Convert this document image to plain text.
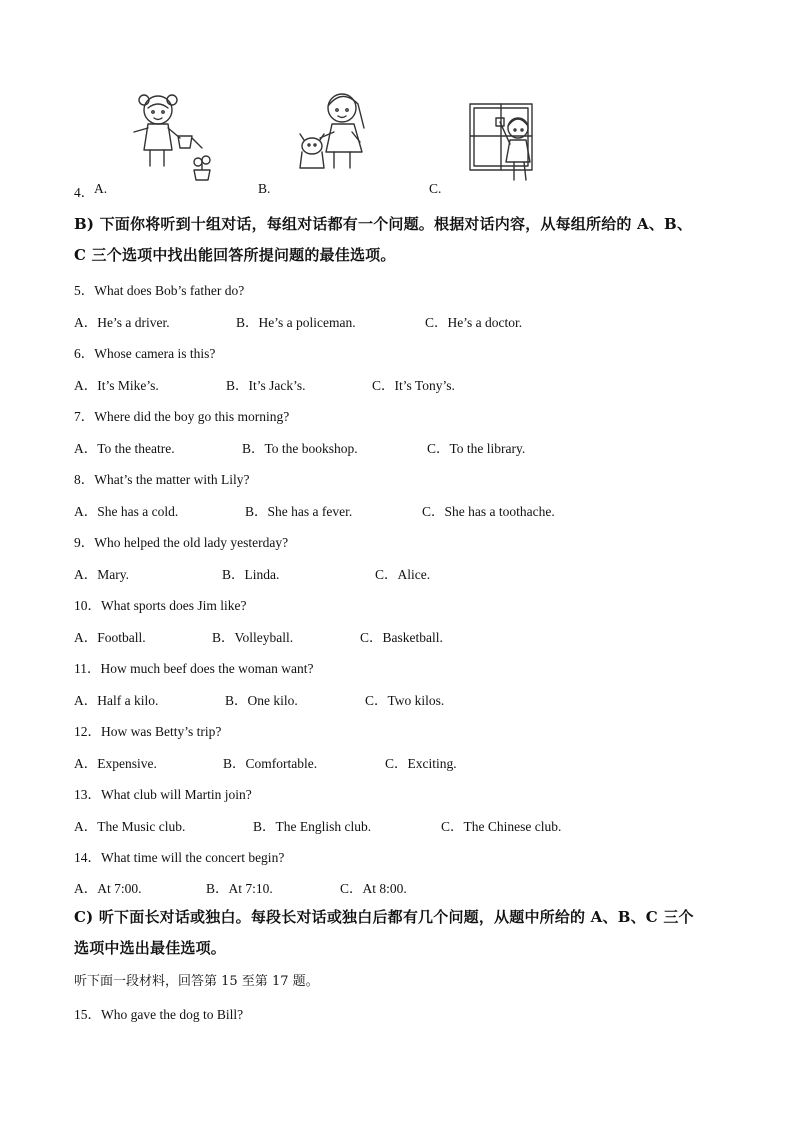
4． A.	B.	C.
B) 下面你将听到十组对话，每组对话都有一个问题。根据对话内容，从每组所给的 A、B、
C 三个选项中找出能回答所提问题的最佳选项。
5．What does Bob’s father do?
A．He’s a driver.	B．He’s a policeman.	C．He’s a doctor.
6．Whose camera is this?
A．It’s Mike’s.	B．It’s Jack’s.	C．It’s Tony’s.
7．Where did the boy go this morning?
A．To the theatre.	B．To the bookshop.	C．To the library.
8．What’s the matter with Lily?
A．She has a cold.	B．She has a fever.	C．She has a toothache.
9．Who helped the old lady yesterday?
A．Mary.	B．Linda.	C．Alice.
10．What sports does Jim like?
A．Football.	B．Volleyball.	C．Basketball.
11．How much beef does the woman want?
A．Half a kilo.	B．One kilo.	C．Two kilos.
12．How was Betty’s trip?
A．Expensive.	B．Comfortable.	C．Exciting.
13．What club will Martin join?
A．The Music club.	B．The English club.	C．The Chinese club.
14．What time will the concert begin?
A．At 7:00.	B．At 7:10.	C．At 8:00.
C) 听下面长对话或独白。每段长对话或独白后都有几个问题，从题中所给的 A、B、C 三个
选项中选出最佳选项。
听下面一段材料，回答第 15 至第 17 题。
15．Who gave the dog to Bill?
